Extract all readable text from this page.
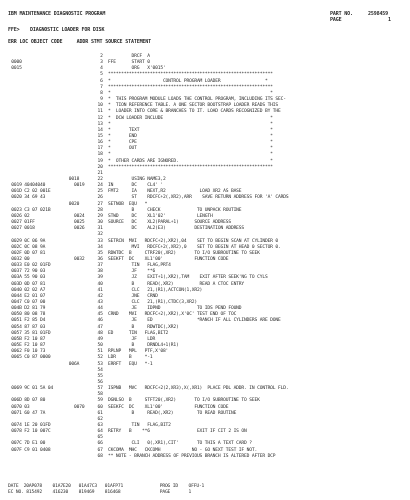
IBM MAINTENANCE DIAGNOSTIC PROGRAM	PART NO.	2598459
PAGE	1
FFE> DIAGNOSTIC LOADER FOR DISK
ERR LOC OBJECT CODE     ADDR STMT SOURCE STATEMENT
2           DRCF  A
0000                              3  FFE      START 0
0015                              4           ORG   X'0015'
5  ***************************************************************
6  *                    CONTROL PROGRAM LOADER                 *
7  ***************************************************************
8  *                                                             *
9  *  THIS PROGRAM MODULE LOADS THE CONTROL PROGRAM, INCLUDING ITS SEC-
10  *  TION REFERENCE TABLE. A ONE SECTOR BOOTSTRAP LOADER READS THIS
11  *  LOADER INTO CORE & BRANCHES TO IT. LOAD CARDS RECOGNIZED BY THE
12  *  DCW LOADER INCLUDE                                         *
13  *                                                             *
14  *       TEXT                                                  *
15  *       END                                                   *
16  *       CPE                                                   *
17  *       OUT                                                   *
18  *                                                             *
19  *  OTHER CARDS ARE IGNORED.                                   *
20  ***************************************************************
21
0018       22           USING NAME3,2
0019 40404040           0019     24  IN       DC    CL4' '
001D C2 02 001E                  25  FMT2     IA    NEXT,R2             LOAD XR2 AS BASE
0020 34 69 43                    26           ST    RDCFC+2(,XR2),ARR    SAVE RETURN ADDRESS FOR 'A' CARDS
0020       27  SETNOB  EQU   *
0023 C3 07 021B                  28           B     CHECK              TO UNPACK ROUTINE
0026 02                 0024     29  STWD     DC    XL1'02'            LENGTH
0027 01FF               0025     30  SOURCE   DC    XL2(PARAL+1)      SOURCE ADDRESS
0027 0018               0026     31           DC    AL2(E3)           DESTINATION ADDRESS
32
0029 0C 06 9A                    33  SETRCN  MVI   RDCFC+2(,XR2),04    SET TO BEGIN SCAN AT CYLINDER 0
002C 0C 08 9A                    34           MVI   RDCFC+2(,XR2),0    SET TO BEGIN AT HEAD 0 SECTOR 0.
002F 0D 07 81                    35  RDWTDC  B     CTRF20(,XR2)       TO I/O SUBROUTINE TO SEEK
0032 00                 0032     36  SEEKFT  DC    XL1'00'            FUNCTION CODE
0033 E0 02 01FD                  37           TIN   FLAG,PRT4
0037 72 90 03                    38           JF    **6
003A 55 90 03                    39           JZ    EXIT+1(,XR2),TAM    EXIT AFTER SEEK'NG TO CYLS
003D 0D 07 81                    40           B     READ(,XR2)          READ A CTOC ENTRY
0040 02 02 A7                    41           CLC   21,(R1),ACTCON(1,XR2)
0044 E2 01 07                    42           JNE   CRND
0047 C0 07 00                    43           CLC   21,(R1),CTDC(3,XR2)
004B D2 81 79                    44           JE    IDPND              TO IDS PEND FOUND
0050 80 08 78                    45  CRND    MVI   RDCFC+2(,XR2),X'0C' TEST END OF TOC
0051 F2 85 D4                    46           JE    ED                 *RANCH IF ALL CYLINDERS ARE DONE
0054 87 87 03                    47           B     RDWTDC(,XR2)
0057 35 81 01FD                  48  ED      TIN   FLAG,BIT2
005B F2 10 87                    49           JF    LDR
005E F2 10 87                    50           B     DRNDL4+1(R1)
0062 F0 10 73                    51  RPLNP   MPL   PTF,X'08'
0065 C0 87 0000                  52  LDR     B     *-1
006A       53  ERRFT   EQU   *-1
54
55
56
0069 9C 01 5A 04                 57  ISPNB   MVC   RDCFC+2(2,XR3),X(,XR1)  PLACE PDL ADDR. IN CONTROL FLD.
58
006D 8D 07 80                    59  DGNLSO  B     STFT20(,XR2)       TO I/O SUBROUTINE TO SEEK
0070 03                 0070     60  SEEKFC  DC    XL1'00'            FUNCTION CODE
0071 60 47 7A                    61           B     READ(,XR2)         TO READ ROUTINE
62
0074 1E 20 01FD                  63           TIN   FLAG,BIT2
0078 F2 10 007C                  64  RETRY   B    **6                  EXIT IF CIT 2 IS ON
65
007C 7D E1 00                    66           CLI   0(,XR1),CIT'       TO THIS A TEXT CARD ?
007F C9 01 0408                  67  CKCOMA  MHC   CKCOMH            NO - GO NEXT TEST IF NOT.
68  ** NOTE - BRANCH ADDRESS OF PREVIOUS BRANCH IS ALTERED AFTER DCP
DATE  20AP078    01A7E20   01A47C3   01AFP71              PROG ID    OFFU-1
EC NO. 815492    416230    819469    816468               PAGE       1
